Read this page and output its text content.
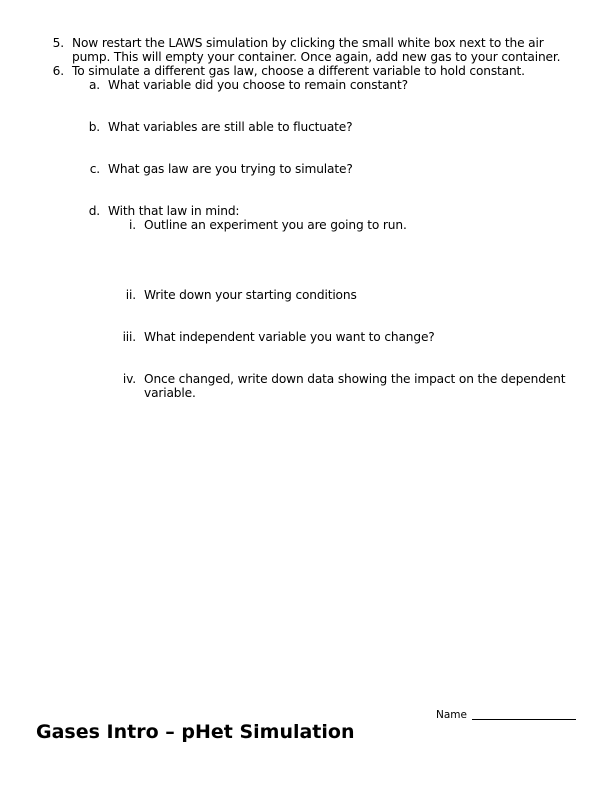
5. Now restart the LAWS simulation by clicking the small white box next to the air
pump. This will empty your container. Once again, add new gas to your container.
6. To simulate a different gas law, choose a different variable to hold constant.
a. What variable did you choose to remain constant?
b. What variables are still able to fluctuate?
c. What gas law are you trying to simulate?
d. With that law in mind:
i. Outline an experiment you are going to run.
ii. Write down your starting conditions
iii. What independent variable you want to change?
iv. Once changed, write down data showing the impact on the dependent
variable.
Name
Gases Intro – pHet Simulation
